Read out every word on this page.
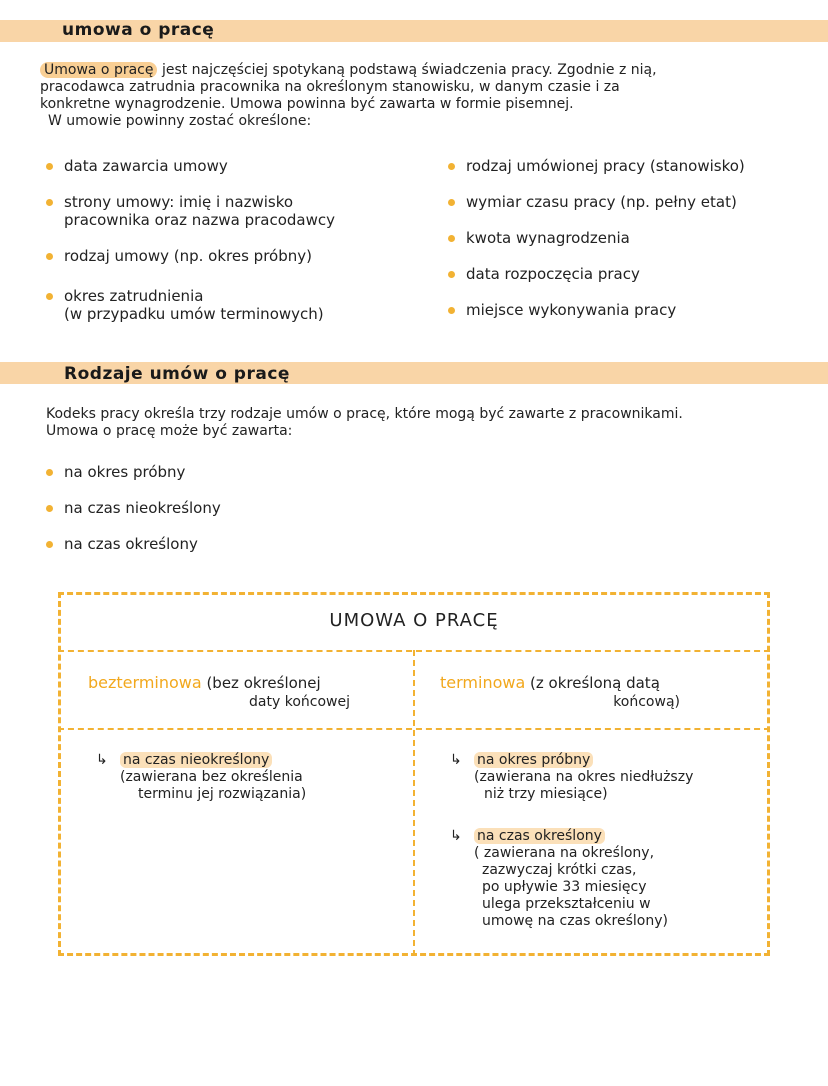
umowa o pracę
Umowa o pracę jest najczęściej spotykaną podstawą świadczenia pracy. Zgodnie z nią,
pracodawca zatrudnia pracownika na określonym stanowisku, w danym czasie i za
konkretne wynagrodzenie. Umowa powinna być zawarta w formie pisemnej.
W umowie powinny zostać określone:
data zawarcia umowy
strony umowy: imię i nazwisko
pracownika oraz nazwa pracodawcy
rodzaj umowy (np. okres próbny)
okres zatrudnienia
(w przypadku umów terminowych)
rodzaj umówionej pracy (stanowisko)
wymiar czasu pracy (np. pełny etat)
kwota wynagrodzenia
data rozpoczęcia pracy
miejsce wykonywania pracy
Rodzaje umów o pracę
Kodeks pracy określa trzy rodzaje umów o pracę, które mogą być zawarte z pracownikami.
Umowa o pracę może być zawarta:
na okres próbny
na czas nieokreślony
na czas określony
UMOWA O PRACĘ
bezterminowa (bez określonej
daty końcowej
terminowa (z określoną datą
końcową)
↳ na czas nieokreślony
(zawierana bez określenia
terminu jej rozwiązania)
↳ na okres próbny
(zawierana na okres niedłuższy
niż trzy miesiące)
↳ na czas określony
( zawierana na określony,
zazwyczaj krótki czas,
po upływie 33 miesięcy
ulega przekształceniu w
umowę na czas określony)
